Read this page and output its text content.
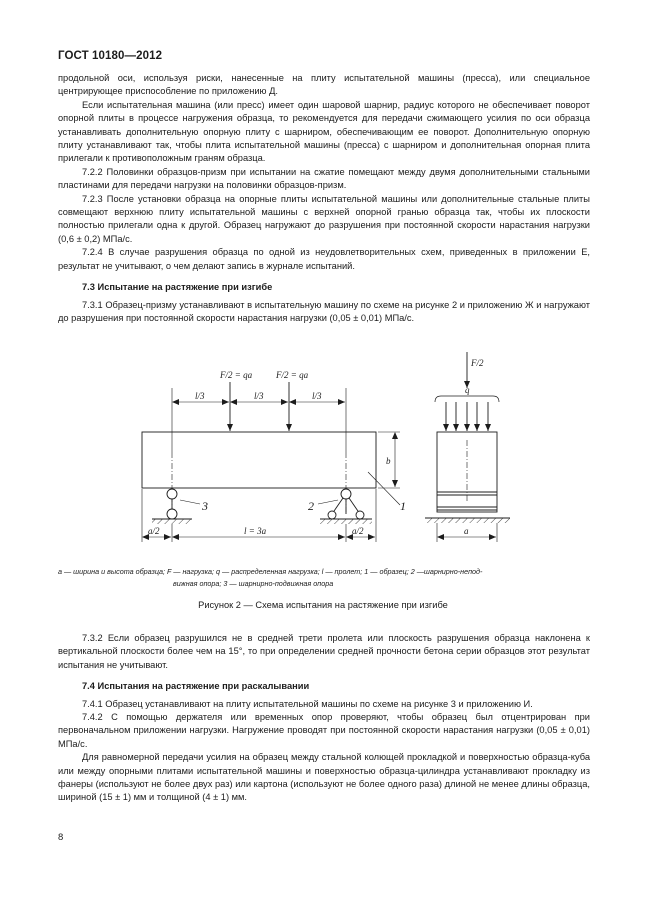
ГОСТ 10180—2012

продольной оси, используя риски, нанесенные на плиту испытательной машины (пресса), или специальное центрирующее приспособление по приложению Д.

Если испытательная машина (или пресс) имеет один шаровой шарнир, радиус которого не обеспечивает поворот опорной плиты в процессе нагружения образца, то рекомендуется для передачи сжимающего усилия по оси образца устанавливать дополнительную опорную плиту с шарниром, обеспечивающим ее поворот. Дополнительную опорную плиту устанавливают так, чтобы плита испытательной машины (пресса) с шарниром и дополнительная опорная плита прилегали к противоположным граням образца.

7.2.2 Половинки образцов-призм при испытании на сжатие помещают между двумя дополнительными стальными пластинами для передачи нагрузки на половинки образцов-призм.

7.2.3 После установки образца на опорные плиты испытательной машины или дополнительные стальные плиты совмещают верхнюю плиту испытательной машины с верхней опорной гранью образца так, чтобы их плоскости полностью прилегали одна к другой. Образец нагружают до разрушения при постоянной скорости нарастания нагрузки (0,6 ± 0,2) МПа/с.

7.2.4 В случае разрушения образца по одной из неудовлетворительных схем, приведенных в приложении Е, результат не учитывают, о чем делают запись в журнале испытаний.

7.3 Испытание на растяжение при изгибе

7.3.1 Образец-призму устанавливают в испытательную машину по схеме на рисунке 2 и приложению Ж и нагружают до разрушения при постоянной скорости нарастания нагрузки (0,05 ± 0,01) МПа/с.

F/2 = qa	F/2 = qa
l/3	l/3	l/3
b
3	2	1
a/2	l = 3a	a/2
F/2
q
a
a — ширина и высота образца; F — нагрузка; q — распределенная нагрузка; l — пролет; 1 — образец; 2 —шарнирно-непод-
вижная опора; 3 — шарнирно-подвижная опора
Рисунок 2 — Схема испытания на растяжение при изгибе

7.3.2 Если образец разрушился не в средней трети пролета или плоскость разрушения образца наклонена к вертикальной плоскости более чем на 15°, то при определении средней прочности бетона серии образцов этот результат испытания не учитывают.

7.4 Испытания на растяжение при раскалывании

7.4.1 Образец устанавливают на плиту испытательной машины по схеме на рисунке 3 и приложению И.

7.4.2 С помощью держателя или временных опор проверяют, чтобы образец был отцентрирован при первоначальном приложении нагрузки. Нагружение проводят при постоянной скорости нарастания нагрузки (0,05 ± 0,01) МПа/с.

Для равномерной передачи усилия на образец между стальной колющей прокладкой и поверхностью образца-куба или между опорными плитами испытательной машины и поверхностью образца-цилиндра устанавливают прокладку из фанеры (используют не более двух раз) или картона (используют не более одного раза) длиной не менее длины образца, шириной (15 ± 1) мм и толщиной (4 ± 1) мм.

8
